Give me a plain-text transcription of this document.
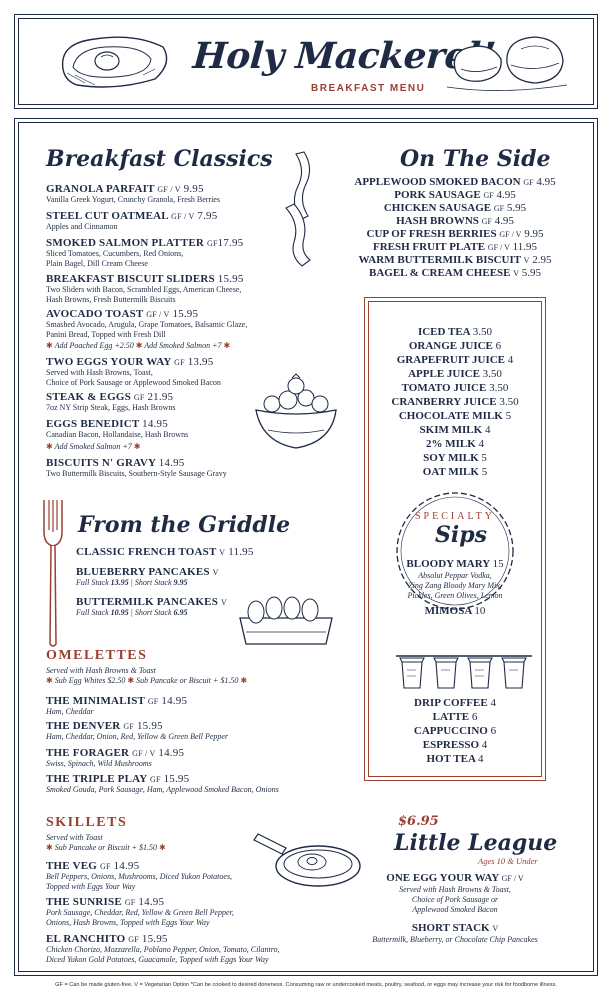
Holy Mackerel!
BREAKFAST MENU
Breakfast Classics
GRANOLA PARFAIT GF / V 9.95
Vanilla Greek Yogurt, Crunchy Granola, Fresh Berries
STEEL CUT OATMEAL GF / V 7.95
Apples and Cinnamon
SMOKED SALMON PLATTER GF17.95
Sliced Tomatoes, Cucumbers, Red Onions,
Plain Bagel, Dill Cream Cheese
BREAKFAST BISCUIT SLIDERS 15.95
Two Sliders with Bacon, Scrambled Eggs, American Cheese,
Hash Browns, Fresh Buttermilk Biscuits
AVOCADO TOAST GF / V 15.95
Smashed Avocado, Arugula, Grape Tomatoes, Balsamic Glaze,
Panini Bread, Topped with Fresh Dill
✱ Add Poached Egg +2.50 ✱ Add Smoked Salmon +7 ✱
TWO EGGS YOUR WAY GF 13.95
Served with Hash Browns, Toast,
Choice of Pork Sausage or Applewood Smoked Bacon
STEAK & EGGS GF 21.95
7oz NY Strip Steak, Eggs, Hash Browns
EGGS BENEDICT 14.95
Canadian Bacon, Hollandaise, Hash Browns
✱ Add Smoked Salmon +7 ✱
BISCUITS N' GRAVY 14.95
Two Buttermilk Biscuits, Southern-Style Sausage Gravy
From the Griddle
CLASSIC FRENCH TOAST V 11.95
BLUEBERRY PANCAKES V
Full Stack 13.95 | Short Stack 9.95
BUTTERMILK PANCAKES V
Full Stack 10.95 | Short Stack 6.95
OMELETTES
Served with Hash Browns & Toast
✱ Sub Egg Whites $2.50 ✱ Sub Pancake or Biscuit + $1.50 ✱
THE MINIMALIST GF 14.95
Ham, Cheddar
THE DENVER GF 15.95
Ham, Cheddar, Onion, Red, Yellow & Green Bell Pepper
THE FORAGER GF / V 14.95
Swiss, Spinach, Wild Mushrooms
THE TRIPLE PLAY GF 15.95
Smoked Gouda, Pork Sausage, Ham, Applewood Smoked Bacon, Onions
SKILLETS
Served with Toast
✱ Sub Pancake or Biscuit + $1.50 ✱
THE VEG GF 14.95
Bell Peppers, Onions, Mushrooms, Diced Yukon Potatoes,
Topped with Eggs Your Way
THE SUNRISE GF 14.95
Pork Sausage, Cheddar, Red, Yellow & Green Bell Pepper,
Onions, Hash Browns, Topped with Eggs Your Way
EL RANCHITO GF 15.95
Chicken Chorizo, Mozzarella, Poblano Pepper, Onion, Tomato, Cilantro,
Diced Yukon Gold Potatoes, Guacamole, Topped with Eggs Your Way
On The Side
APPLEWOOD SMOKED BACON GF 4.95
PORK SAUSAGE GF 4.95
CHICKEN SAUSAGE GF 5.95
HASH BROWNS GF 4.95
CUP OF FRESH BERRIES GF / V 9.95
FRESH FRUIT PLATE GF / V 11.95
WARM BUTTERMILK BISCUIT V 2.95
BAGEL & CREAM CHEESE V 5.95
ICED TEA 3.50
ORANGE JUICE 6
GRAPEFRUIT JUICE 4
APPLE JUICE 3.50
TOMATO JUICE 3.50
CRANBERRY JUICE 3.50
CHOCOLATE MILK 5
SKIM MILK 4
2% MILK 4
SOY MILK 5
OAT MILK 5
SPECIALTY
Sips
BLOODY MARY 15
Absolut Peppar Vodka,
Zing Zang Bloody Mary Mix,
Pickles, Green Olives, Lemon
MIMOSA 10
DRIP COFFEE 4
LATTE 6
CAPPUCCINO 6
ESPRESSO 4
HOT TEA 4
$6.95
Little League
Ages 10 & Under
ONE EGG YOUR WAY GF / V
Served with Hash Browns & Toast,
Choice of Pork Sausage or
Applewood Smoked Bacon
SHORT STACK V
Buttermilk, Blueberry, or Chocolate Chip Pancakes
GF = Can be made gluten-free. V = Vegetarian Option *Can be cooked to desired doneness. Consuming raw or undercooked meats, poultry, seafood, or eggs may increase your risk for foodborne illness.
